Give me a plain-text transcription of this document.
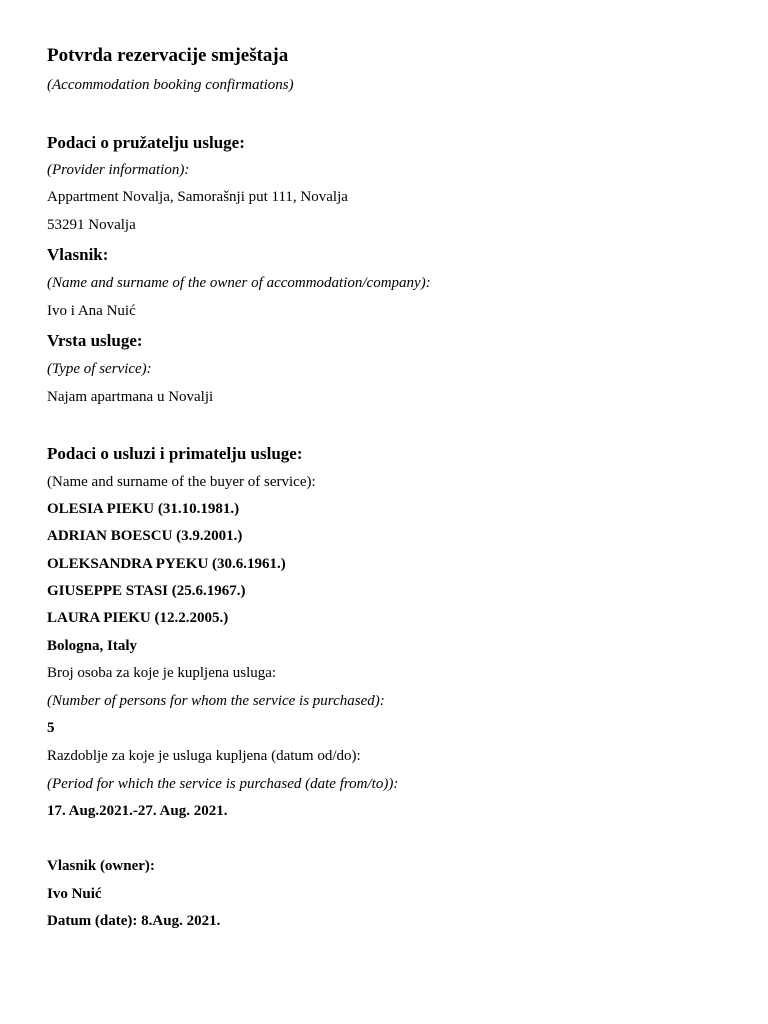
Potvrda rezervacije smještaja
(Accommodation booking confirmations)
Podaci o pružatelju usluge:
(Provider information):
Appartment Novalja, Samorašnji put 111, Novalja
53291 Novalja
Vlasnik:
(Name and surname of the owner of accommodation/company):
Ivo i Ana Nuić
Vrsta usluge:
(Type of service):
Najam apartmana u Novalji
Podaci o usluzi i primatelju usluge:
(Name and surname of the buyer of service):
OLESIA PIEKU (31.10.1981.)
ADRIAN BOESCU (3.9.2001.)
OLEKSANDRA PYEKU (30.6.1961.)
GIUSEPPE STASI (25.6.1967.)
LAURA PIEKU (12.2.2005.)
Bologna, Italy
Broj osoba za koje je kupljena usluga:
(Number of persons for whom the service is purchased):
5
Razdoblje za koje je usluga kupljena (datum od/do):
(Period for which the service is purchased (date from/to)):
17. Aug.2021.-27. Aug. 2021.
Vlasnik (owner):
Ivo Nuić
Datum (date): 8.Aug. 2021.
